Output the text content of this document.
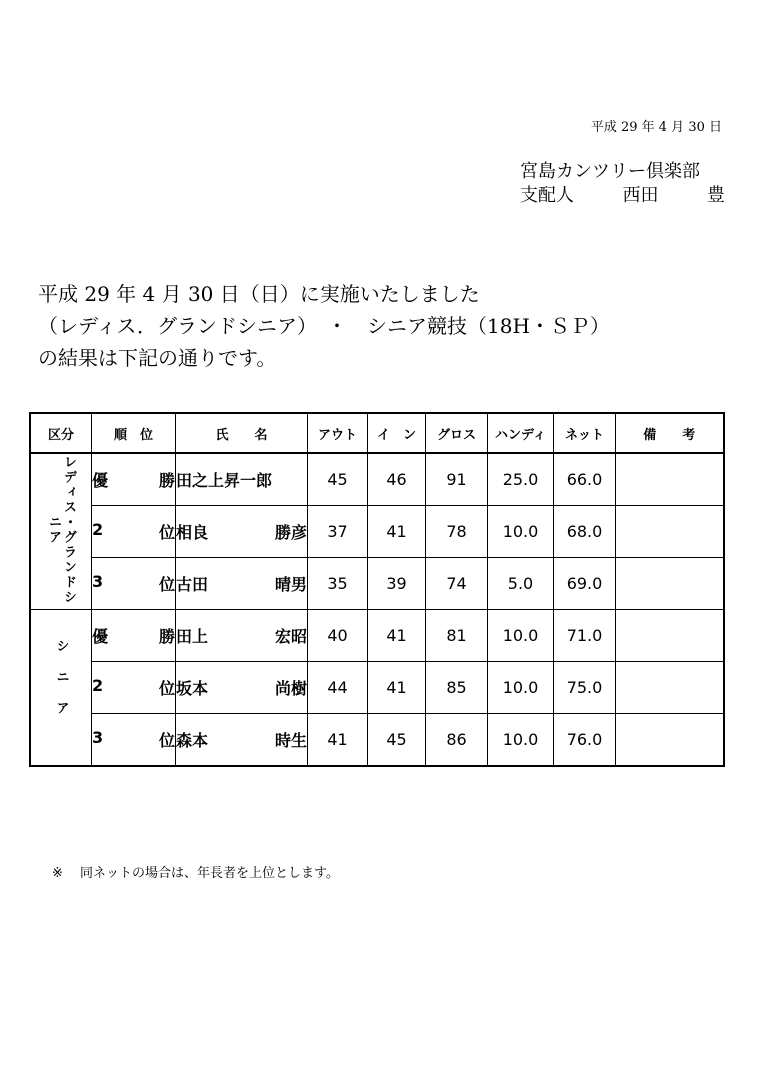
平成 29 年 4 月 30 日
宮島カンツリー倶楽部
支配人	西田	豊
平成 29 年 4 月 30 日（日）に実施いたしました
（レディス．グランドシニア）　・　シニア競技（18H・ＳＰ）
の結果は下記の通りです。
区分	順　位	氏　　名	アウト	イ　ン	グロス	ハンディ	ネット	備　　考
レディス・グランドシニア	優 勝	田之上昇一郎	45	46	91	25.0	66.0	

	2 位	相良 勝彦	37	41	78	10.0	68.0	

	3 位	古田 晴男	35	39	74	5.0	69.0	
シニア	優 勝	田上 宏昭	40	41	81	10.0	71.0	

	2 位	坂本 尚樹	44	41	85	10.0	75.0	

	3 位	森本 時生	41	45	86	10.0	76.0	
※　 同ネットの場合は、年長者を上位とします。
